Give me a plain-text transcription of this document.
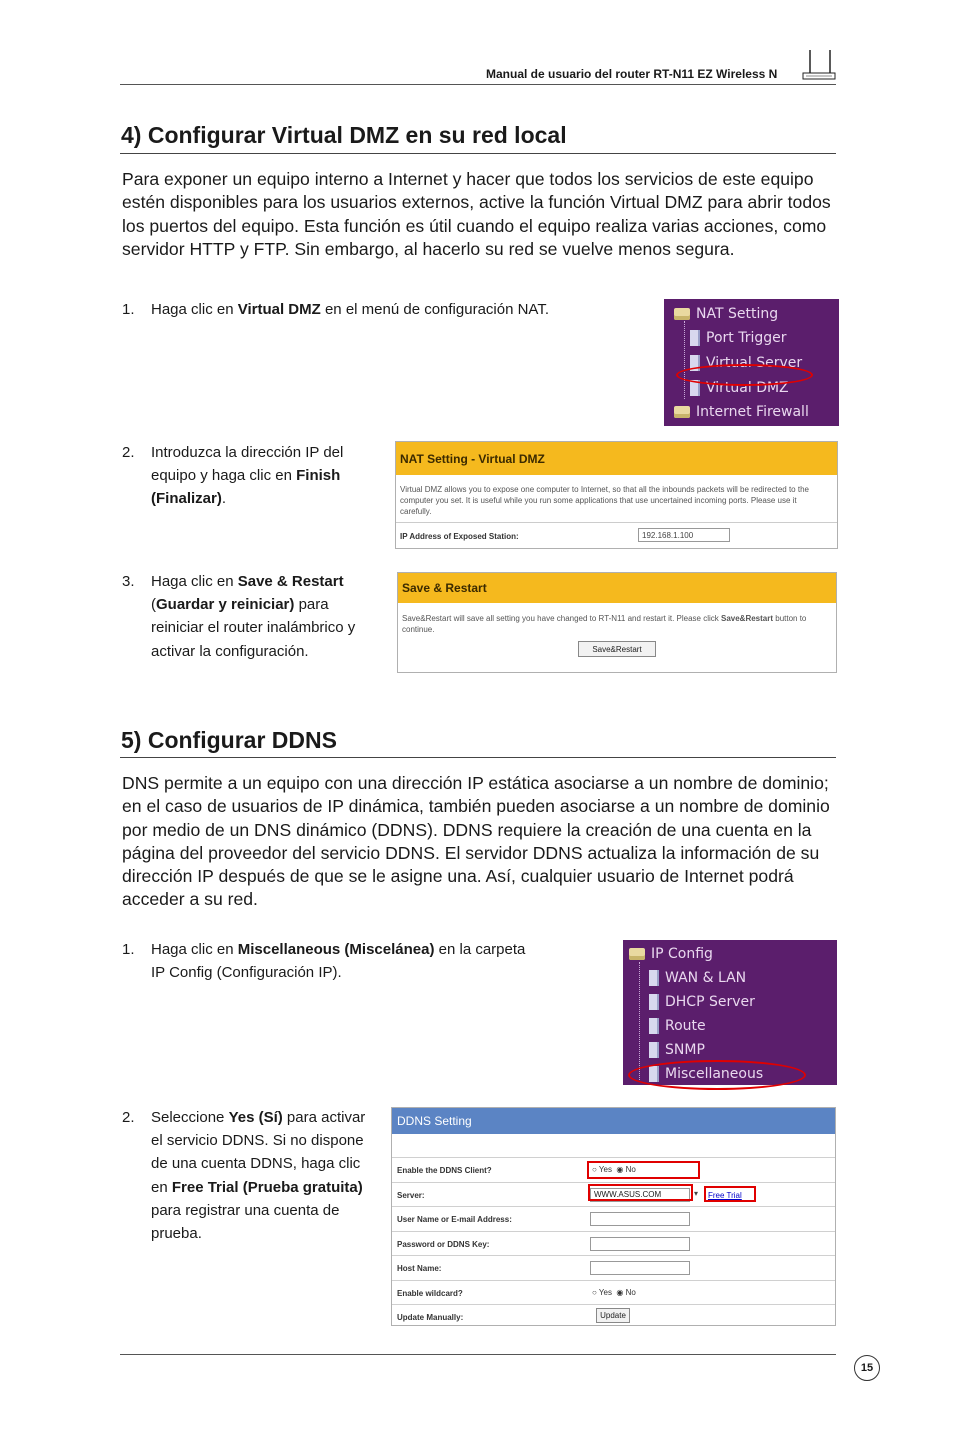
Manual de usuario del router RT-N11 EZ Wireless N
4) Configurar Virtual DMZ en su red local
Para exponer un equipo interno a Internet y hacer que todos los servicios de este equipo estén disponibles para los usuarios externos, active la función Virtual DMZ para abrir todos los puertos del equipo. Esta función es útil cuando el equipo realiza varias acciones, como servidor HTTP y FTP. Sin embargo, al hacerlo su red se vuelve menos segura.
1.	Haga clic en Virtual DMZ en el menú de configuración NAT.	NAT Setting
Port Trigger
Virtual Server
Virtual DMZ
Internet Firewall
2.	Introduzca la dirección IP del equipo y haga clic en Finish (Finalizar).
NAT Setting - Virtual DMZ
Virtual DMZ allows you to expose one computer to Internet, so that all the inbounds packets will be redirected to the computer you set. It is useful while you run some applications that use uncertained incoming ports. Please use it carefully.
IP Address of Exposed Station:	192.168.1.100
3.	Haga clic en Save & Restart (Guardar y reiniciar) para reiniciar el router inalámbrico y activar la configuración.
Save & Restart
Save&Restart will save all setting you have changed to RT-N11 and restart it. Please click Save&Restart button to continue.
Save&Restart
5) Configurar DDNS
DNS permite a un equipo con una dirección IP estática asociarse a un nombre de dominio; en el caso de usuarios de IP dinámica, también pueden asociarse a un nombre de dominio por medio de un DNS dinámico (DDNS). DDNS requiere la creación de una cuenta en la página del proveedor del servicio DDNS. El servidor DDNS actualiza la información de su dirección IP después de que se le asigne una. Así, cualquier usuario de Internet podrá acceder a su red.
1.	Haga clic en Miscellaneous (Miscelánea) en la carpeta IP Config (Configuración IP).
IP Config
WAN & LAN
DHCP Server
Route
SNMP
Miscellaneous
2.	Seleccione Yes (Sí) para activar el servicio DDNS. Si no dispone de una cuenta DDNS, haga clic en Free Trial (Prueba gratuita) para registrar una cuenta de prueba.
DDNS Setting
Enable the DDNS Client?	○ Yes  ◉ No
Server:	WWW.ASUS.COM	▾ Free Trial
User Name or E-mail Address:
Password or DDNS Key:
Host Name:
Enable wildcard?	○ Yes  ◉ No
Update Manually:	Update
15
